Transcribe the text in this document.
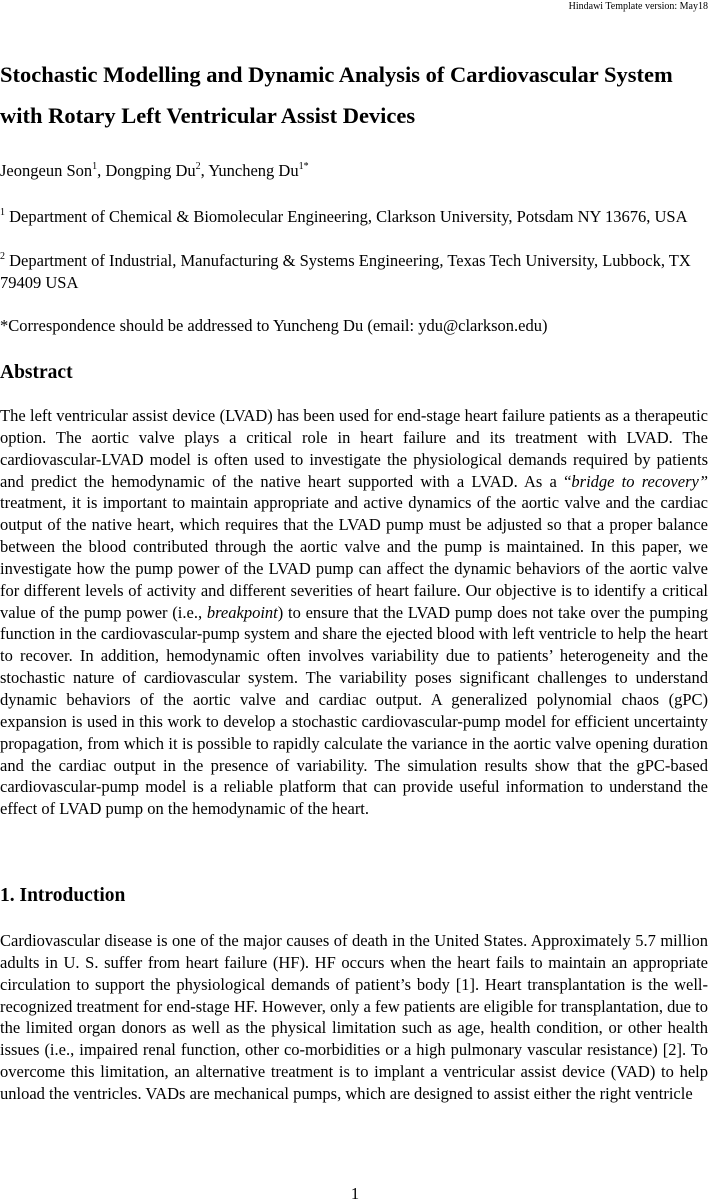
Hindawi Template version: May18
Stochastic Modelling and Dynamic Analysis of Cardiovascular System with Rotary Left Ventricular Assist Devices
Jeongeun Son$^1$, Dongping Du$^2$, Yuncheng $Du^{1*}$
$^1$ Department of Chemical & Biomolecular Engineering, Clarkson University, Potsdam NY 13676, USA
$^2$ Department of Industrial, Manufacturing & Systems Engineering, Texas Tech University, Lubbock, TX 79409 USA
*Correspondence should be addressed to Yuncheng Du (email: ydu@clarkson.edu)
Abstract

The left ventricular assist device (LVAD) has been used for end-stage heart failure patients as a therapeutic option. The aortic valve plays a critical role in heart failure and its treatment with LVAD. The cardiovascular-LVAD model is often used to investigate the physiological demands required by patients and predict the hemodynamic of the native heart supported with a LVAD. As a “bridge to recovery” treatment, it is important to maintain appropriate and active dynamics of the aortic valve and the cardiac output of the native heart, which requires that the LVAD pump must be adjusted so that a proper balance between the blood contributed through the aortic valve and the pump is maintained. In this paper, we investigate how the pump power of the LVAD pump can affect the dynamic behaviors of the aortic valve for different levels of activity and different severities of heart failure. Our objective is to identify a critical value of the pump power (i.e., breakpoint) to ensure that the LVAD pump does not take over the pumping function in the cardiovascular-pump system and share the ejected blood with left ventricle to help the heart to recover. In addition, hemodynamic often involves variability due to patients’ heterogeneity and the stochastic nature of cardiovascular system. The variability poses significant challenges to understand dynamic behaviors of the aortic valve and cardiac output. A generalized polynomial chaos (gPC) expansion is used in this work to develop a stochastic cardiovascular-pump model for efficient uncertainty propagation, from which it is possible to rapidly calculate the variance in the aortic valve opening duration and the cardiac output in the presence of variability. The simulation results show that the gPC-based cardiovascular-pump model is a reliable platform that can provide useful information to understand the effect of LVAD pump on the hemodynamic of the heart.

1. Introduction

Cardiovascular disease is one of the major causes of death in the United States. Approximately 5.7 million adults in U. S. suffer from heart failure (HF). HF occurs when the heart fails to maintain an appropriate circulation to support the physiological demands of patient’s body [1]. Heart transplantation is the well-recognized treatment for end-stage HF. However, only a few patients are eligible for transplantation, due to the limited organ donors as well as the physical limitation such as age, health condition, or other health issues (i.e., impaired renal function, other co-morbidities or a high pulmonary vascular resistance) [2]. To overcome this limitation, an alternative treatment is to implant a ventricular assist device (VAD) to help unload the ventricles. VADs are mechanical pumps, which are designed to assist either the right ventricle

1
